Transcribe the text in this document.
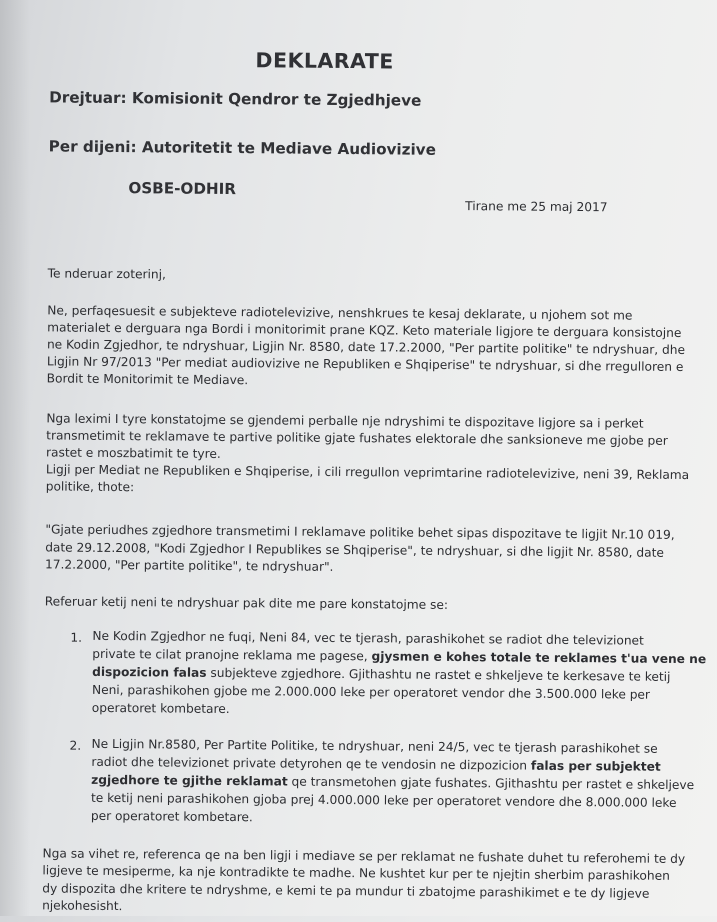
DEKLARATE
Drejtuar: Komisionit Qendror te Zgjedhjeve
Per dijeni: Autoritetit te Mediave Audiovizive
OSBE-ODHIR
Tirane me 25 maj 2017
Te nderuar zoterinj,
Ne, perfaqesuesit e subjekteve radiotelevizive, nenshkrues te kesaj deklarate, u njohem sot me
materialet e derguara nga Bordi i monitorimit prane KQZ. Keto materiale ligjore te derguara konsistojne
ne Kodin Zgjedhor, te ndryshuar, Ligjin Nr. 8580, date 17.2.2000, "Per partite politike" te ndryshuar, dhe
Ligjin Nr 97/2013 "Per mediat audiovizive ne Republiken e Shqiperise" te ndryshuar, si dhe rregulloren e
Bordit te Monitorimit te Mediave.
Nga leximi I tyre konstatojme se gjendemi perballe nje ndryshimi te dispozitave ligjore sa i perket
transmetimit te reklamave te partive politike gjate fushates elektorale dhe sanksioneve me gjobe per
rastet e moszbatimit te tyre.
Ligji per Mediat ne Republiken e Shqiperise, i cili rregullon veprimtarine radiotelevizive, neni 39, Reklama
politike, thote:
"Gjate periudhes zgjedhore transmetimi I reklamave politike behet sipas dispozitave te ligjit Nr.10 019,
date 29.12.2008, "Kodi Zgjedhor I Republikes se Shqiperise", te ndryshuar, si dhe ligjit Nr. 8580, date
17.2.2000, "Per partite politike", te ndryshuar".
Referuar ketij neni te ndryshuar pak dite me pare konstatojme se:
1. Ne Kodin Zgjedhor ne fuqi, Neni 84, vec te tjerash, parashikohet se radiot dhe televizionet
private te cilat pranojne reklama me pagese, gjysmen e kohes totale te reklames t'ua vene ne
dispozicion falas subjekteve zgjedhore. Gjithashtu ne rastet e shkeljeve te kerkesave te ketij
Neni, parashikohen gjobe me 2.000.000 leke per operatoret vendor dhe 3.500.000 leke per
operatoret kombetare.
2. Ne Ligjin Nr.8580, Per Partite Politike, te ndryshuar, neni 24/5, vec te tjerash parashikohet se
radiot dhe televizionet private detyrohen qe te vendosin ne dizpozicion falas per subjektet
zgjedhore te gjithe reklamat qe transmetohen gjate fushates. Gjithashtu per rastet e shkeljeve
te ketij neni parashikohen gjoba prej 4.000.000 leke per operatoret vendore dhe 8.000.000 leke
per operatoret kombetare.
Nga sa vihet re, referenca qe na ben ligji i mediave se per reklamat ne fushate duhet tu referohemi te dy
ligjeve te mesiperme, ka nje kontradikte te madhe. Ne kushtet kur per te njejtin sherbim parashikohen
dy dispozita dhe kritere te ndryshme, e kemi te pa mundur ti zbatojme parashikimet e te dy ligjeve
njekohesisht.
